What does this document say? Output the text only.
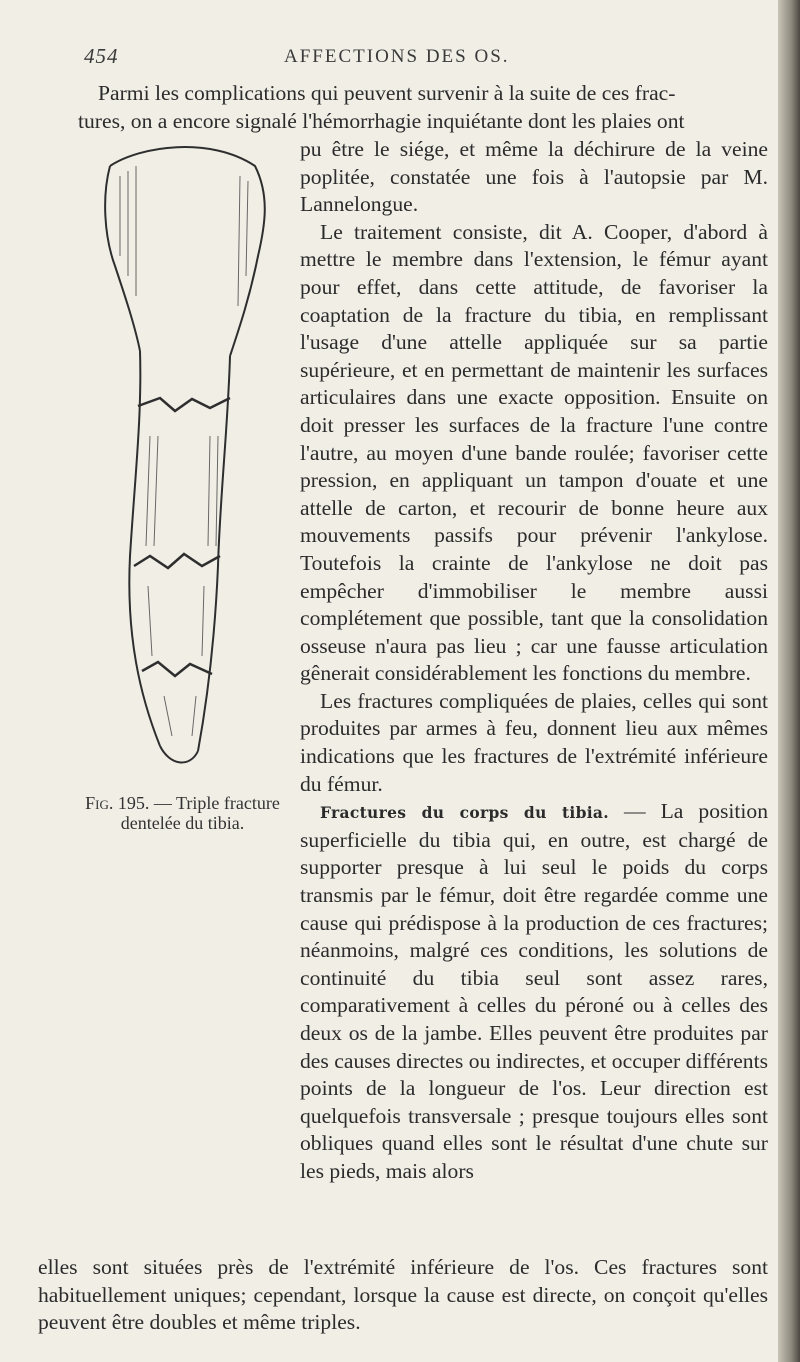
454	AFFECTIONS DES OS.

Parmi les complications qui peuvent survenir à la suite de ces frac-

tures, on a encore signalé l'hémorrhagie inquiétante dont les plaies ont

Fig. 195. — Triple fracture dentelée du tibia.

pu être le siége, et même la déchirure de la veine poplitée, constatée une fois à l'autopsie par M. Lannelongue.

Le traitement consiste, dit A. Cooper, d'abord à mettre le membre dans l'extension, le fémur ayant pour effet, dans cette attitude, de favoriser la coaptation de la fracture du tibia, en remplissant l'usage d'une attelle appliquée sur sa partie supérieure, et en permettant de maintenir les surfaces articulaires dans une exacte opposition. Ensuite on doit presser les surfaces de la fracture l'une contre l'autre, au moyen d'une bande roulée; favoriser cette pression, en appliquant un tampon d'ouate et une attelle de carton, et recourir de bonne heure aux mouvements passifs pour prévenir l'ankylose. Toutefois la crainte de l'ankylose ne doit pas empêcher d'immobiliser le membre aussi complétement que possible, tant que la consolidation osseuse n'aura pas lieu ; car une fausse articulation gênerait considérablement les fonctions du membre.

Les fractures compliquées de plaies, celles qui sont produites par armes à feu, donnent lieu aux mêmes indications que les fractures de l'extrémité inférieure du fémur.

Fractures du corps du tibia. — La position superficielle du tibia qui, en outre, est chargé de supporter presque à lui seul le poids du corps transmis par le fémur, doit être regardée comme une cause qui prédispose à la production de ces fractures; néanmoins, malgré ces conditions, les solutions de continuité du tibia seul sont assez rares, comparativement à celles du péroné ou à celles des deux os de la jambe. Elles peuvent être produites par des causes directes ou indirectes, et occuper différents points de la longueur de l'os. Leur direction est quelquefois transversale ; presque toujours elles sont obliques quand elles sont le résultat d'une chute sur les pieds, mais alors

elles sont situées près de l'extrémité inférieure de l'os. Ces fractures sont habituellement uniques; cependant, lorsque la cause est directe, on conçoit qu'elles peuvent être doubles et même triples.
